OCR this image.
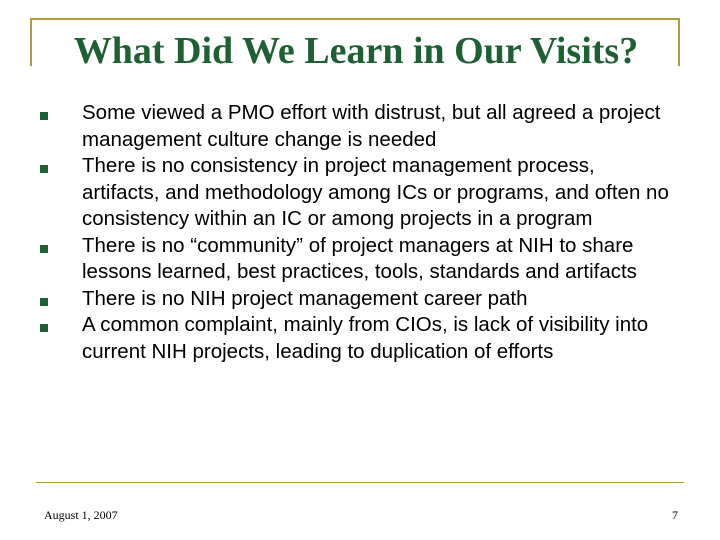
What Did We Learn in Our Visits?
Some viewed a PMO effort with distrust, but all agreed a project management culture change is needed
There is no consistency in project management process, artifacts, and methodology among ICs or programs, and often no consistency within an IC or among projects in a program
There is no “community” of project managers at NIH to share lessons learned, best practices, tools, standards and artifacts
There is no NIH project management career path
A common complaint, mainly from CIOs, is lack of visibility into current NIH projects, leading to duplication of efforts
August 1, 2007	7
